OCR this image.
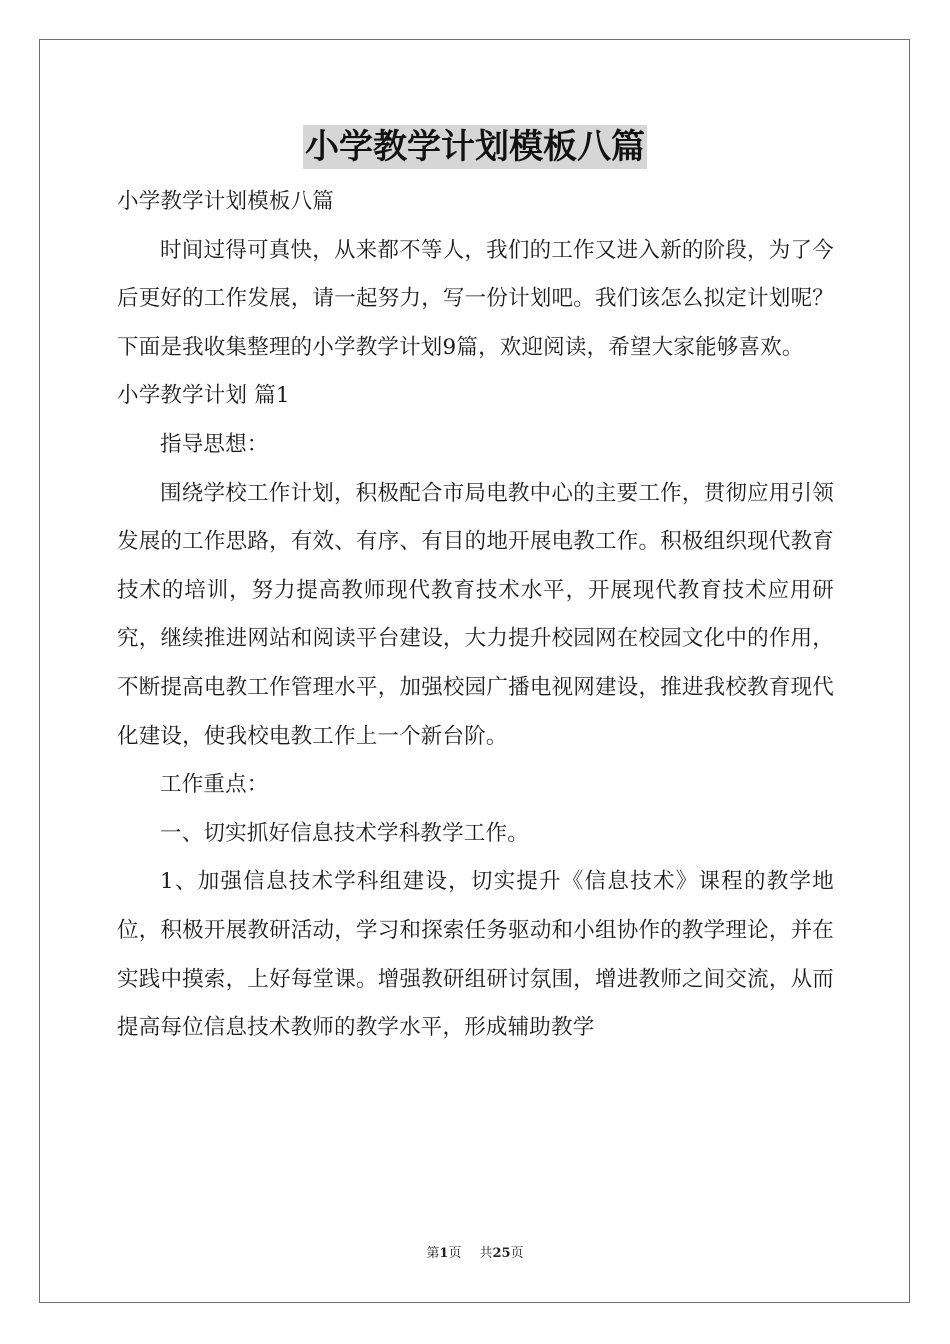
小学教学计划模板八篇

小学教学计划模板八篇

时间过得可真快，从来都不等人，我们的工作又进入新的阶段，为了今后更好的工作发展，请一起努力，写一份计划吧。我们该怎么拟定计划呢？下面是我收集整理的小学教学计划9篇，欢迎阅读，希望大家能够喜欢。

小学教学计划 篇1

指导思想：

围绕学校工作计划，积极配合市局电教中心的主要工作，贯彻应用引领发展的工作思路，有效、有序、有目的地开展电教工作。积极组织现代教育技术的培训，努力提高教师现代教育技术水平，开展现代教育技术应用研究，继续推进网站和阅读平台建设，大力提升校园网在校园文化中的作用，不断提高电教工作管理水平，加强校园广播电视网建设，推进我校教育现代化建设，使我校电教工作上一个新台阶。

工作重点：

一、切实抓好信息技术学科教学工作。

1、加强信息技术学科组建设，切实提升《信息技术》课程的教学地位，积极开展教研活动，学习和探索任务驱动和小组协作的教学理论，并在实践中摸索，上好每堂课。增强教研组研讨氛围，增进教师之间交流，从而提高每位信息技术教师的教学水平，形成辅助教学

第1页 共25页
